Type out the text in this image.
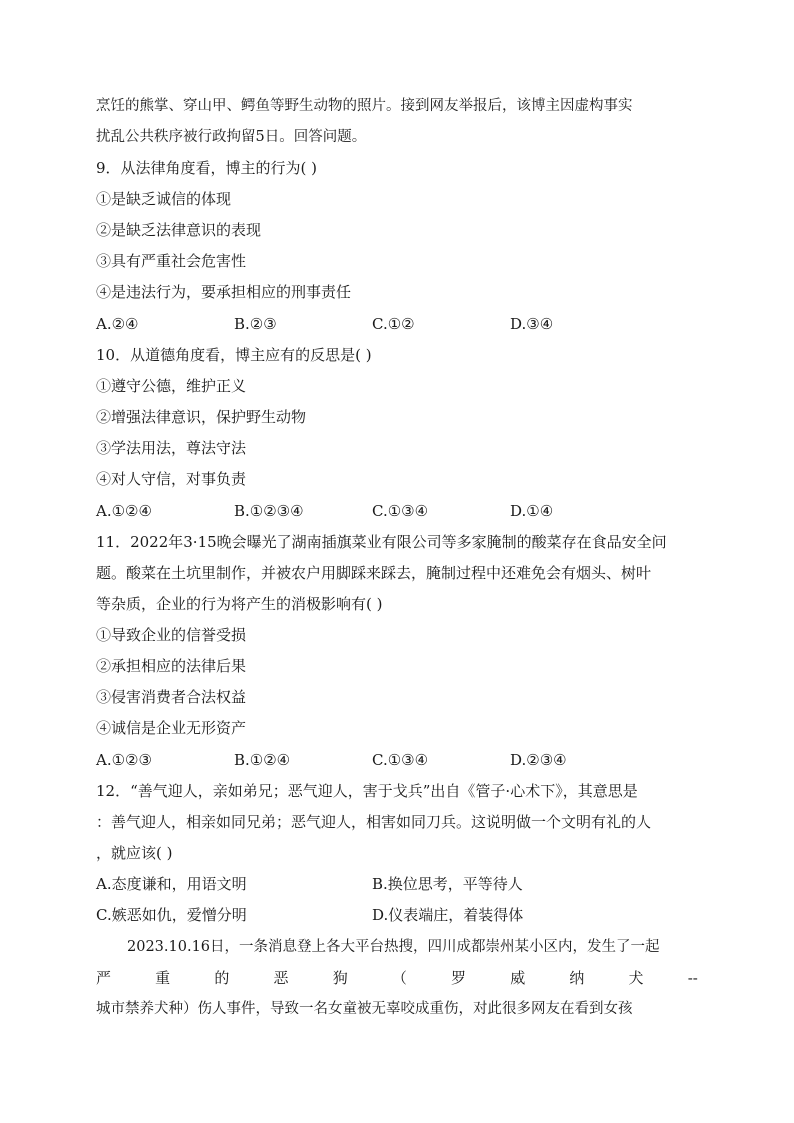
烹饪的熊掌、穿山甲、鳄鱼等野生动物的照片。接到网友举报后，该博主因虚构事实
扰乱公共秩序被行政拘留5日。回答问题。
9．从法律角度看，博主的行为( )
①是缺乏诚信的体现
②是缺乏法律意识的表现
③具有严重社会危害性
④是违法行为，要承担相应的刑事责任
A.②④	B.②③	C.①②	D.③④
10．从道德角度看，博主应有的反思是( )
①遵守公德，维护正义
②增强法律意识，保护野生动物
③学法用法，尊法守法
④对人守信，对事负责
A.①②④	B.①②③④	C.①③④	D.①④
11．2022年3·15晚会曝光了湖南插旗菜业有限公司等多家腌制的酸菜存在食品安全问
题。酸菜在土坑里制作，并被农户用脚踩来踩去，腌制过程中还难免会有烟头、树叶
等杂质，企业的行为将产生的消极影响有( )
①导致企业的信誉受损
②承担相应的法律后果
③侵害消费者合法权益
④诚信是企业无形资产
A.①②③	B.①②④	C.①③④	D.②③④
12．“善气迎人，亲如弟兄；恶气迎人，害于戈兵”出自《管子·心术下》，其意思是
：善气迎人，相亲如同兄弟；恶气迎人，相害如同刀兵。这说明做一个文明有礼的人
，就应该( )
A.态度谦和，用语文明	B.换位思考，平等待人
C.嫉恶如仇，爱憎分明	D.仪表端庄，着装得体
2023.10.16日，一条消息登上各大平台热搜，四川成都崇州某小区内，发生了一起
严	重	的	恶	狗	（	罗	威	纳	犬	--
城市禁养犬种）伤人事件，导致一名女童被无辜咬成重伤，对此很多网友在看到女孩
